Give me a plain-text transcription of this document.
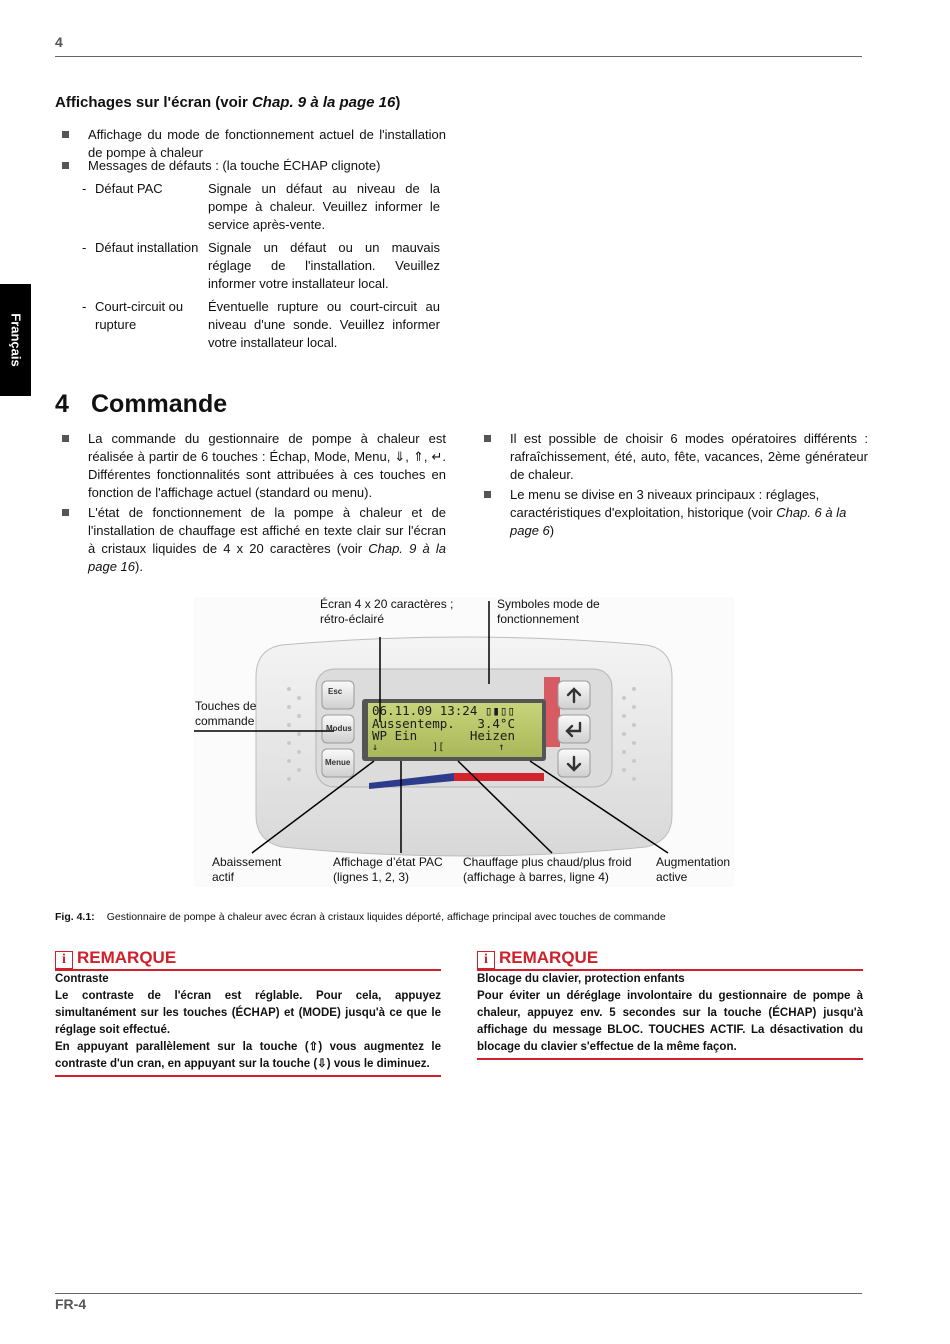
4
Français
Affichages sur l'écran (voir Chap. 9 à la page 16)
Affichage du mode de fonctionnement actuel de l'installation de pompe à chaleur
Messages de défauts : (la touche ÉCHAP clignote)
- Défaut PAC	Signale un défaut au niveau de la pompe à chaleur. Veuillez informer le service après-vente.
- Défaut installation Signale un défaut ou un mauvais réglage de l'installation. Veuillez informer votre installateur local.
- Court-circuit ou rupture
Éventuelle rupture ou court-circuit au niveau d'une sonde. Veuillez informer votre installateur local.
4 Commande
La commande du gestionnaire de pompe à chaleur est réalisée à partir de 6 touches : Échap, Mode, Menu, ⇓, ⇑, ↵. Différentes fonctionnalités sont attribuées à ces touches en fonction de l'affichage actuel (standard ou menu).
L'état de fonctionnement de la pompe à chaleur et de l'installation de chauffage est affiché en texte clair sur l'écran à cristaux liquides de 4 x 20 caractères (voir Chap. 9 à la page 16).
Il est possible de choisir 6 modes opératoires différents : rafraîchissement, été, auto, fête, vacances, 2ème générateur de chaleur.
Le menu se divise en 3 niveaux principaux : réglages, caractéristiques d'exploitation, historique (voir Chap. 6 à la page 6)
Esc
Modus
Menue
06.11.09 13:24 ▯▮▯▯
Aussentemp.   3.4°C
WP Ein       Heizen
↓         ][         ↑
Écran 4 x 20 caractères ; rétro-éclairé
Symboles mode de fonctionnement
Touches de commande
Abaissement actif
Affichage d’état PAC (lignes 1, 2, 3)
Chauffage plus chaud/plus froid (affichage à barres, ligne 4)
Augmentation active
Fig. 4.1: Gestionnaire de pompe à chaleur avec écran à cristaux liquides déporté, affichage principal avec touches de commande
i REMARQUE
Contraste
Le contraste de l'écran est réglable. Pour cela, appuyez simultanément sur les touches (ÉCHAP) et (MODE) jusqu'à ce que le réglage soit effectué.
En appuyant parallèlement sur la touche (⇧) vous augmentez le contraste d'un cran, en appuyant sur la touche (⇩) vous le diminuez.
i REMARQUE
Blocage du clavier, protection enfants
Pour éviter un déréglage involontaire du gestionnaire de pompe à chaleur, appuyez env. 5 secondes sur la touche (ÉCHAP) jusqu'à affichage du message BLOC. TOUCHES ACTIF. La désactivation du blocage du clavier s'effectue de la même façon.
FR-4
